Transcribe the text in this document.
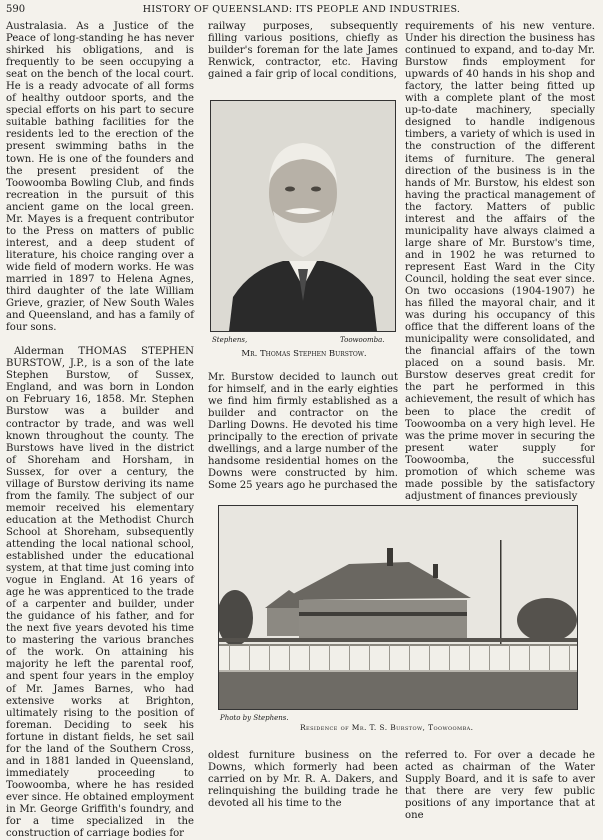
590	HISTORY OF QUEENSLAND: ITS PEOPLE AND INDUSTRIES.

Australasia. As a Justice of the Peace of long-standing he has never shirked his obligations, and is frequently to be seen occupying a seat on the bench of the local court. He is a ready advocate of all forms of healthy outdoor sports, and the special efforts on his part to secure suitable bathing facilities for the residents led to the erection of the present swimming baths in the town. He is one of the founders and the present president of the Toowoomba Bowling Club, and finds recreation in the pursuit of this ancient game on the local green. Mr. Mayes is a frequent contributor to the Press on matters of public interest, and a deep student of literature, his choice ranging over a wide field of modern works. He was married in 1897 to Helena Agnes, third daughter of the late William Grieve, grazier, of New South Wales and Queensland, and has a family of four sons.

Alderman THOMAS STEPHEN BURSTOW, J.P., is a son of the late Stephen Burstow, of Sussex, England, and was born in London on February 16, 1858. Mr. Stephen Burstow was a builder and contractor by trade, and was well known throughout the county. The Burstows have lived in the district of Shoreham and Horsham, in Sussex, for over a century, the village of Burstow deriving its name from the family. The subject of our memoir received his elementary education at the Methodist Church School at Shoreham, subsequently attending the local national school, established under the educational system, at that time just coming into vogue in England. At 16 years of age he was apprenticed to the trade of a carpenter and builder, under the guidance of his father, and for the next five years devoted his time to mastering the various branches of the work. On attaining his majority he left the parental roof, and spent four years in the employ of Mr. James Barnes, who had extensive works at Brighton, ultimately rising to the position of foreman. Deciding to seek his fortune in distant fields, he set sail for the land of the Southern Cross, and in 1881 landed in Queensland, immediately proceeding to Toowoomba, where he has resided ever since. He obtained employment in Mr. George Griffith's foundry, and for a time specialized in the construction of carriage bodies for

railway purposes, subsequently filling various positions, chiefly as builder's foreman for the late James Renwick, contractor, etc. Having gained a fair grip of local conditions,
Stephens,	Toowoomba.
Mr. Thomas Stephen Burstow.
Mr. Burstow decided to launch out for himself, and in the early eighties we find him firmly established as a builder and contractor on the Darling Downs. He devoted his time principally to the erection of private dwellings, and a large number of the handsome residential homes on the Downs were constructed by him. Some 25 years ago he purchased the
requirements of his new venture. Under his direction the business has continued to expand, and to-day Mr. Burstow finds employment for upwards of 40 hands in his shop and factory, the latter being fitted up with a complete plant of the most up-to-date machinery, specially designed to handle indigenous timbers, a variety of which is used in the construction of the different items of furniture. The general direction of the business is in the hands of Mr. Burstow, his eldest son having the practical management of the factory. Matters of public interest and the affairs of the municipality have always claimed a large share of Mr. Burstow's time, and in 1902 he was returned to represent East Ward in the City Council, holding the seat ever since. On two occasions (1904-1907) he has filled the mayoral chair, and it was during his occupancy of this office that the different loans of the municipality were consolidated, and the financial affairs of the town placed on a sound basis. Mr. Burstow deserves great credit for the part he performed in this achievement, the result of which has been to place the credit of Toowoomba on a very high level. He was the prime mover in securing the present water supply for Toowoomba, the successful promotion of which scheme was made possible by the satisfactory adjustment of finances previously
Photo by Stephens.
Residence of Mr. T. S. Burstow, Toowoomba.
oldest furniture business on the Downs, which formerly had been carried on by Mr. R. A. Dakers, and relinquishing the building trade he devoted all his time to the
referred to. For over a decade he acted as chairman of the Water Supply Board, and it is safe to aver that there are very few public positions of any importance that at one
